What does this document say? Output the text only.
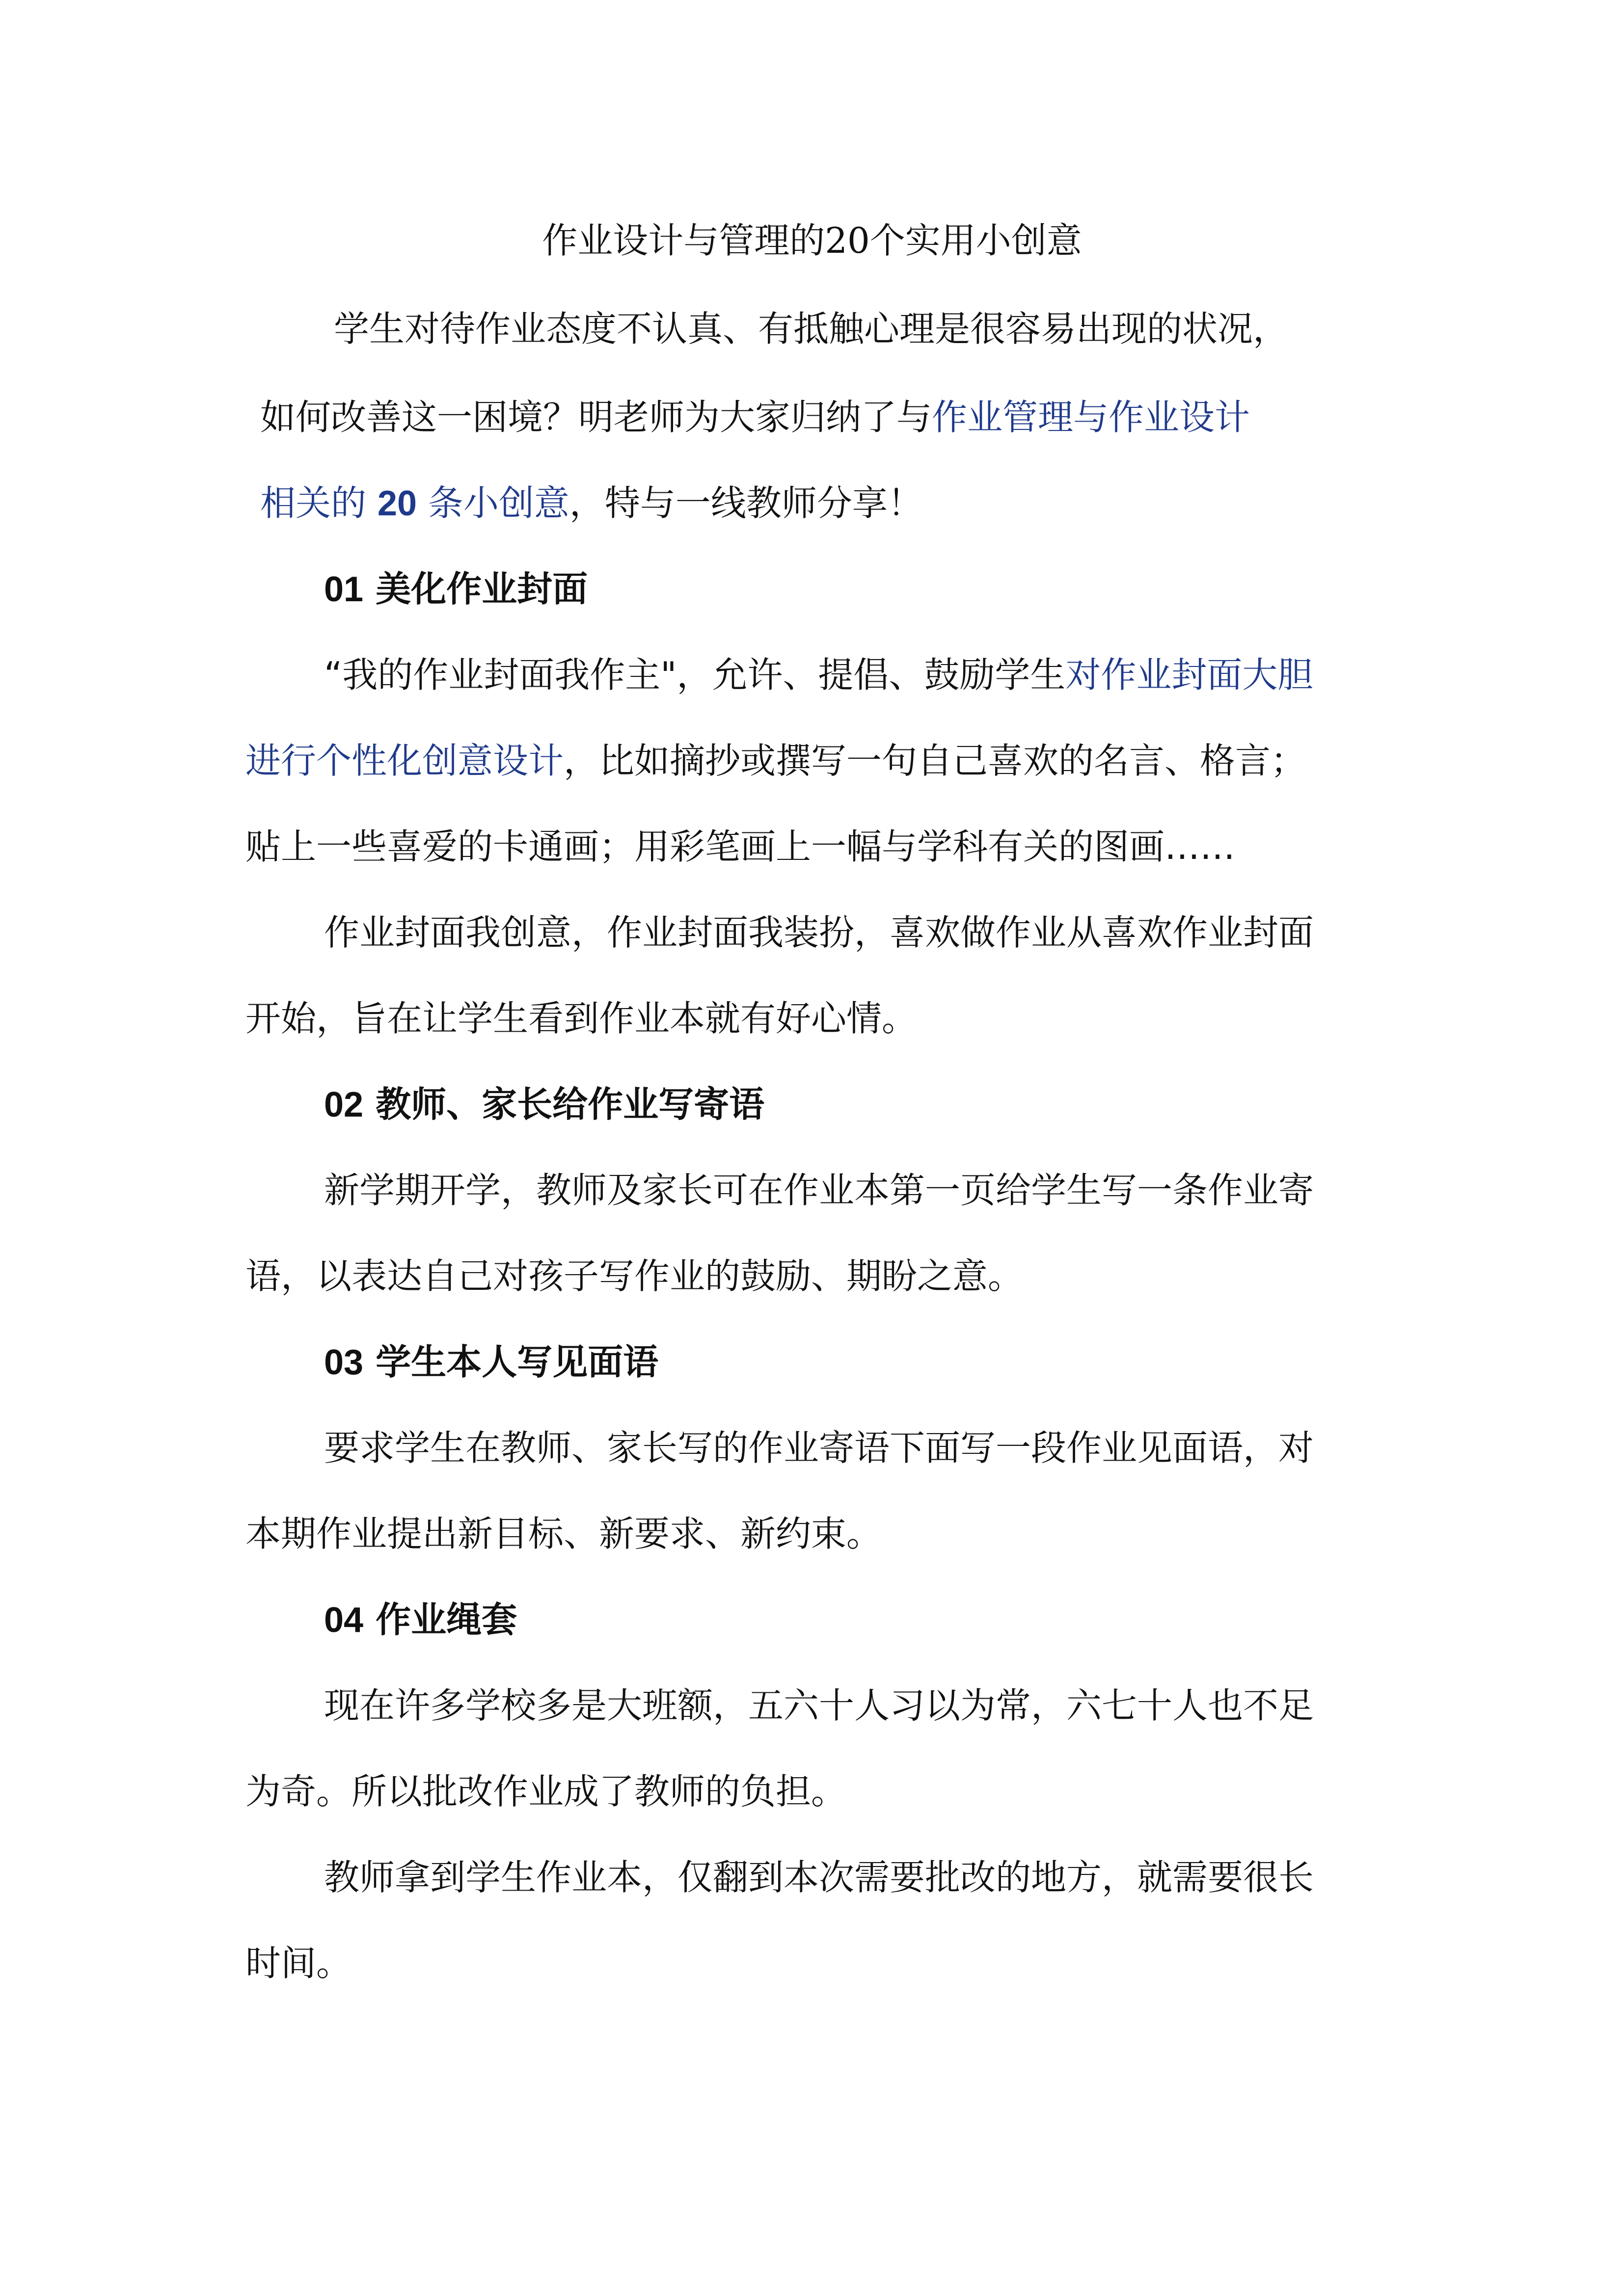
作业设计与管理的20个实用小创意
学生对待作业态度不认真、有抵触心理是很容易出现的状况，
如何改善这一困境？明老师为大家归纳了与作业管理与作业设计
相关的 20 条小创意，特与一线教师分享！
01 美化作业封面
“我的作业封面我作主"，允许、提倡、鼓励学生对作业封面大胆
进行个性化创意设计，比如摘抄或撰写一句自己喜欢的名言、格言；
贴上一些喜爱的卡通画；用彩笔画上一幅与学科有关的图画……
作业封面我创意，作业封面我装扮，喜欢做作业从喜欢作业封面
开始，旨在让学生看到作业本就有好心情。
02 教师、家长给作业写寄语
新学期开学，教师及家长可在作业本第一页给学生写一条作业寄
语，以表达自己对孩子写作业的鼓励、期盼之意。
03 学生本人写见面语
要求学生在教师、家长写的作业寄语下面写一段作业见面语，对
本期作业提出新目标、新要求、新约束。
04 作业绳套
现在许多学校多是大班额，五六十人习以为常，六七十人也不足
为奇。所以批改作业成了教师的负担。
教师拿到学生作业本，仅翻到本次需要批改的地方，就需要很长
时间。
